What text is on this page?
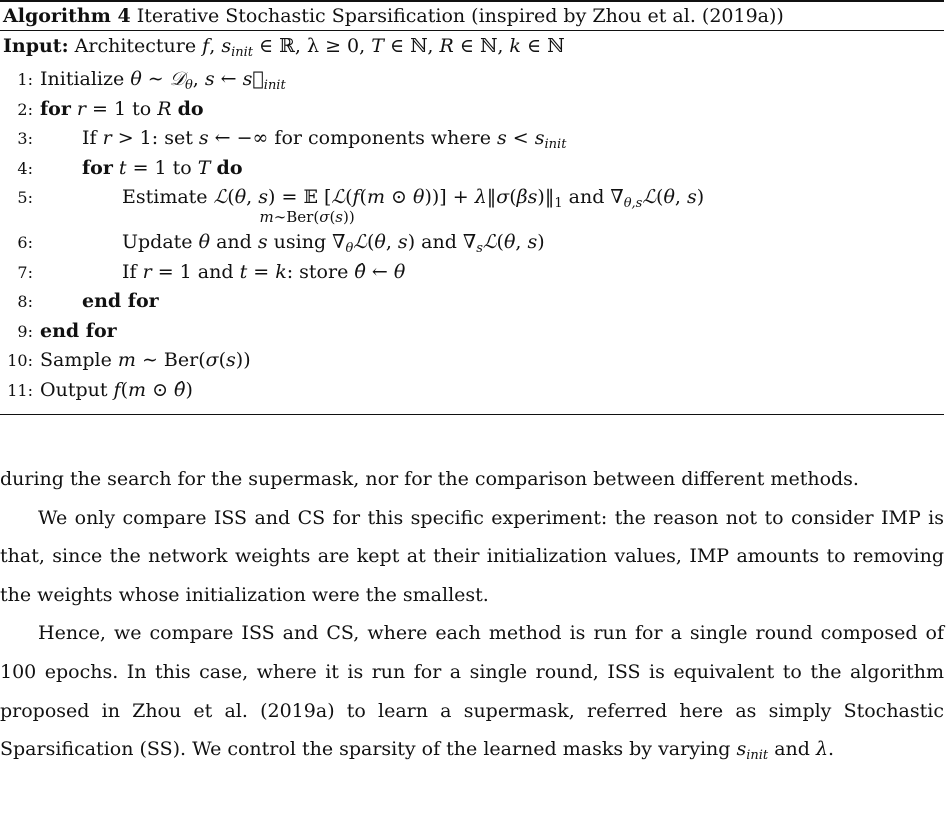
Algorithm 4 Iterative Stochastic Sparsification (inspired by Zhou et al. (2019a))
Input: Architecture f, $s_{init}$ ∈ ℝ, λ ≥ 0, T ∈ ℕ, R ∈ ℕ, k ∈ ℕ
1: Initialize θ ∼ 𝒟$_\theta$, s ← $s⃗_{init}$
2: for r = 1 to R do
3:	If r > 1: set s ← −∞ for components where $s < s_{init}$
4:	for t = 1 to T do
5:	Estimate ℒ(θ, s) = 𝔼
m∼Ber(σ(s))
[ℒ(f(m ⊙ $\theta))] + \lambda‖\sigma(\beta s)‖_1$ and $\nabla_{\theta,s}ℒ(\theta$, s)
6:	Update θ and s using $\nabla_\theta ℒ(\theta$, s) and $\nabla_sℒ(\theta$, s)
7:	If r = 1 and t = k: store θ̂ ← θ
8:	end for
9: end for
10: Sample m ∼ Ber(σ(s))
11: Output f(m ⊙ θ̂)

during the search for the supermask, nor for the comparison between different methods.

We only compare ISS and CS for this specific experiment: the reason not to consider IMP is that, since the network weights are kept at their initialization values, IMP amounts to removing the weights whose initialization were the smallest.

Hence, we compare ISS and CS, where each method is run for a single round composed of 100 epochs. In this case, where it is run for a single round, ISS is equivalent to the algorithm proposed in Zhou et al. (2019a) to learn a supermask, referred here as simply Stochastic Sparsification (SS). We control the sparsity of the learned masks by varying $s_{init}$ and λ.
